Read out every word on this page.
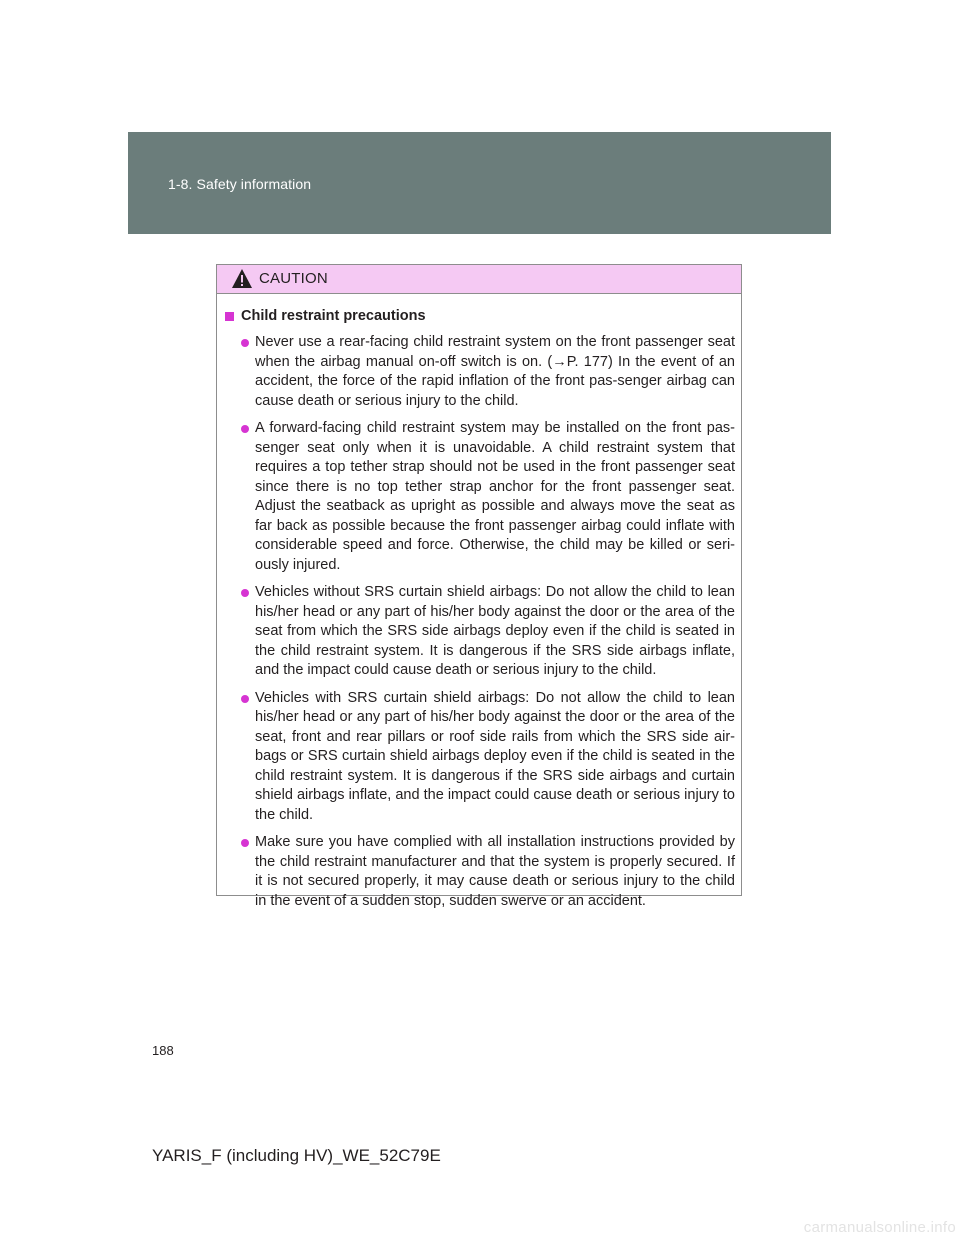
1-8. Safety information
CAUTION
Child restraint precautions
Never use a rear-facing child restraint system on the front passenger seat when the airbag manual on-off switch is on. (→P. 177) In the event of an accident, the force of the rapid inflation of the front pas-senger airbag can cause death or serious injury to the child.
A forward-facing child restraint system may be installed on the front pas-senger seat only when it is unavoidable. A child restraint system that requires a top tether strap should not be used in the front passenger seat since there is no top tether strap anchor for the front passenger seat. Adjust the seatback as upright as possible and always move the seat as far back as possible because the front passenger airbag could inflate with considerable speed and force. Otherwise, the child may be killed or seri-ously injured.
Vehicles without SRS curtain shield airbags: Do not allow the child to lean his/her head or any part of his/her body against the door or the area of the seat from which the SRS side airbags deploy even if the child is seated in the child restraint system. It is dangerous if the SRS side airbags inflate, and the impact could cause death or serious injury to the child.
Vehicles with SRS curtain shield airbags: Do not allow the child to lean his/her head or any part of his/her body against the door or the area of the seat, front and rear pillars or roof side rails from which the SRS side air-bags or SRS curtain shield airbags deploy even if the child is seated in the child restraint system. It is dangerous if the SRS side airbags and curtain shield airbags inflate, and the impact could cause death or serious injury to the child.
Make sure you have complied with all installation instructions provided by the child restraint manufacturer and that the system is properly secured. If it is not secured properly, it may cause death or serious injury to the child in the event of a sudden stop, sudden swerve or an accident.
188
YARIS_F (including HV)_WE_52C79E
carmanualsonline.info
